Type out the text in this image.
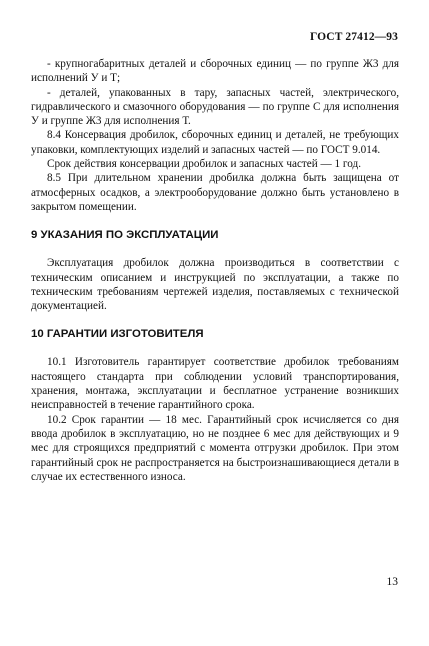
ГОСТ 27412—93

- крупногабаритных деталей и сборочных единиц — по группе Ж3 для исполнений У и Т;

- деталей, упакованных в тару, запасных частей, электрического, гидравлического и смазочного оборудования — по группе С для исполнения У и группе Ж3 для исполнения Т.

8.4 Консервация дробилок, сборочных единиц и деталей, не требующих упаковки, комплектующих изделий и запасных частей — по ГОСТ 9.014.

Срок действия консервации дробилок и запасных частей — 1 год.

8.5 При длительном хранении дробилка должна быть защищена от атмосферных осадков, а электрооборудование должно быть установлено в закрытом помещении.

9 УКАЗАНИЯ ПО ЭКСПЛУАТАЦИИ

Эксплуатация дробилок должна производиться в соответствии с техническим описанием и инструкцией по эксплуатации, а также по техническим требованиям чертежей изделия, поставляемых с технической документацией.

10 ГАРАНТИИ ИЗГОТОВИТЕЛЯ

10.1 Изготовитель гарантирует соответствие дробилок требованиям настоящего стандарта при соблюдении условий транспортирования, хранения, монтажа, эксплуатации и бесплатное устранение возникших неисправностей в течение гарантийного срока.

10.2 Срок гарантии — 18 мес. Гарантийный срок исчисляется со дня ввода дробилок в эксплуатацию, но не позднее 6 мес для действующих и 9 мес для строящихся предприятий с момента отгрузки дробилок. При этом гарантийный срок не распространяется на быстроизнашивающиеся детали в случае их естественного износа.

13
